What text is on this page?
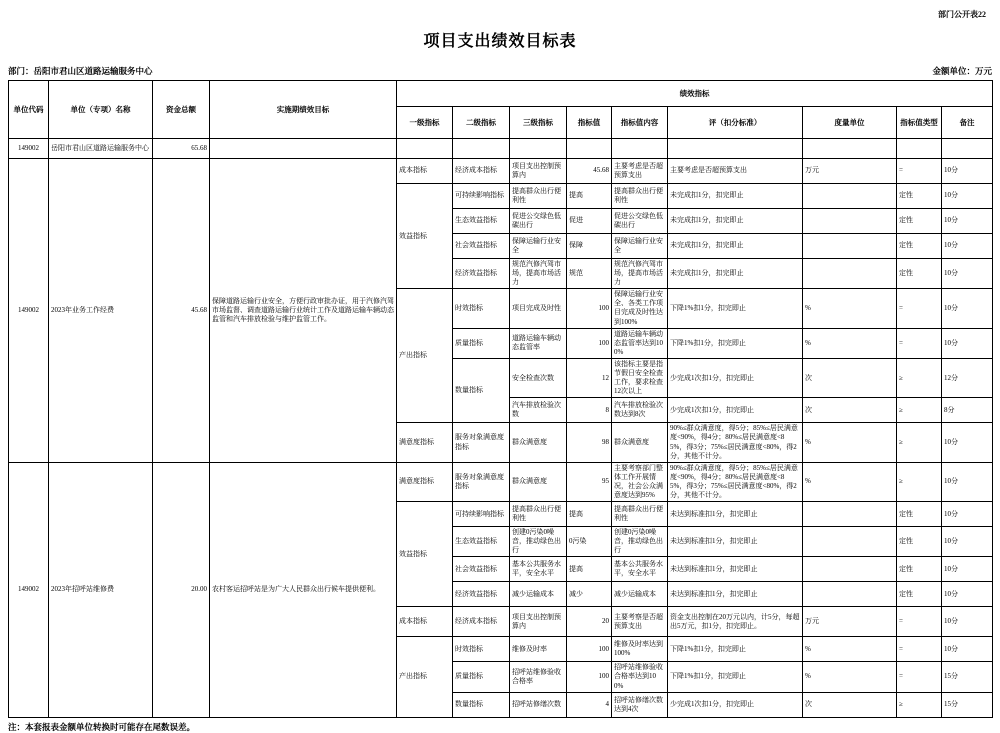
部门公开表22
项目支出绩效目标表
部门：岳阳市君山区道路运输服务中心	金额单位：万元
单位代码	单位（专项）名称	资金总额	实施期绩效目标	绩效指标								
				一级指标	二级指标	三级指标	指标值	指标值内容	评（扣分标准）	度量单位	指标值类型	备注
149002	岳阳市君山区道路运输服务中心	65.68										
149002	2023年业务工作经费	45.68	保障道路运输行业安全，方便行政审批办证，用于汽修汽驾市场监督、调查道路运输行业统计工作及道路运输车辆动态监管和汽车排放检验与维护监管工作。	成本指标	经济成本指标	项目支出控制预算内	45.68	主要考虑是否超预算支出	主要考虑是否超预算支出	万元	=	10分
				效益指标	可持续影响指标	提高群众出行便利性	提高	提高群众出行便利性	未完成扣1分，扣完即止		定性	10分
					生态效益指标	促进公交绿色低碳出行	促进	促进公交绿色低碳出行	未完成扣1分，扣完即止		定性	10分
					社会效益指标	保障运输行业安全	保障	保障运输行业安全	未完成扣1分，扣完即止		定性	10分
					经济效益指标	规范汽修汽驾市场，提高市场活力	规范	规范汽修汽驾市场，提高市场活力	未完成扣1分，扣完即止		定性	10分
				产出指标	时效指标	项目完成及时性	100	保障运输行业安全、各类工作项目完成及时性达到100%	下降1%扣1分，扣完即止	%	=	10分
					质量指标	道路运输车辆动态监管率	100	道路运输车辆动态监管率达到100%	下降1%扣1分，扣完即止	%	=	10分
					数量指标	安全检查次数	12	该指标主要是指节假日安全检查工作，要求检查12次以上	少完成1次扣1分，扣完即止	次	≥	12分
						汽车排放检验次数	8	汽车排放检验次数达到8次	少完成1次扣1分，扣完即止	次	≥	8分
				满意度指标	服务对象满意度指标	群众满意度	98	群众满意度	90%≤群众满意度，得5分；85%≤居民满意度<90%，得4分；80%≤居民满意度<85%，得3分；75%≤居民满意度<80%，得2分，其他不计分。	%	≥	10分
149002	2023年招呼站维修费	20.00	农村客运招呼站是为广大人民群众出行候车提供便利。	满意度指标	服务对象满意度指标	群众满意度	95	主要考察部门整体工作开展情况，社会公众满意度达到95%	90%≤群众满意度，得5分；85%≤居民满意度<90%，得4分；80%≤居民满意度<85%，得3分；75%≤居民满意度<80%，得2分，其他不计分。	%	≥	10分
				效益指标	可持续影响指标	提高群众出行便利性	提高	提高群众出行便利性	未达到标准扣1分，扣完即止		定性	10分
					生态效益指标	创建0污染0噪音，推动绿色出行	0污染	创建0污染0噪音，推动绿色出行	未达到标准扣1分，扣完即止		定性	10分
					社会效益指标	基本公共服务水平，安全水平	提高	基本公共服务水平，安全水平	未达到标准扣1分，扣完即止		定性	10分
					经济效益指标	减少运输成本	减少	减少运输成本	未达到标准扣1分，扣完即止		定性	10分
				成本指标	经济成本指标	项目支出控制预算内	20	主要考察是否超预算支出	资金支出控制在20万元以内，计5分，每超出5万元，扣1分，扣完即止。	万元	=	10分
				产出指标	时效指标	维修及时率	100	维修及时率达到100%	下降1%扣1分，扣完即止	%	=	10分
					质量指标	招呼站维修验收合格率	100	招呼站维修验收合格率达到100%	下降1%扣1分，扣完即止	%	=	15分
					数量指标	招呼站修缮次数	4	招呼站修缮次数达到4次	少完成1次扣1分，扣完即止	次	≥	15分
注：本套报表金额单位转换时可能存在尾数误差。
